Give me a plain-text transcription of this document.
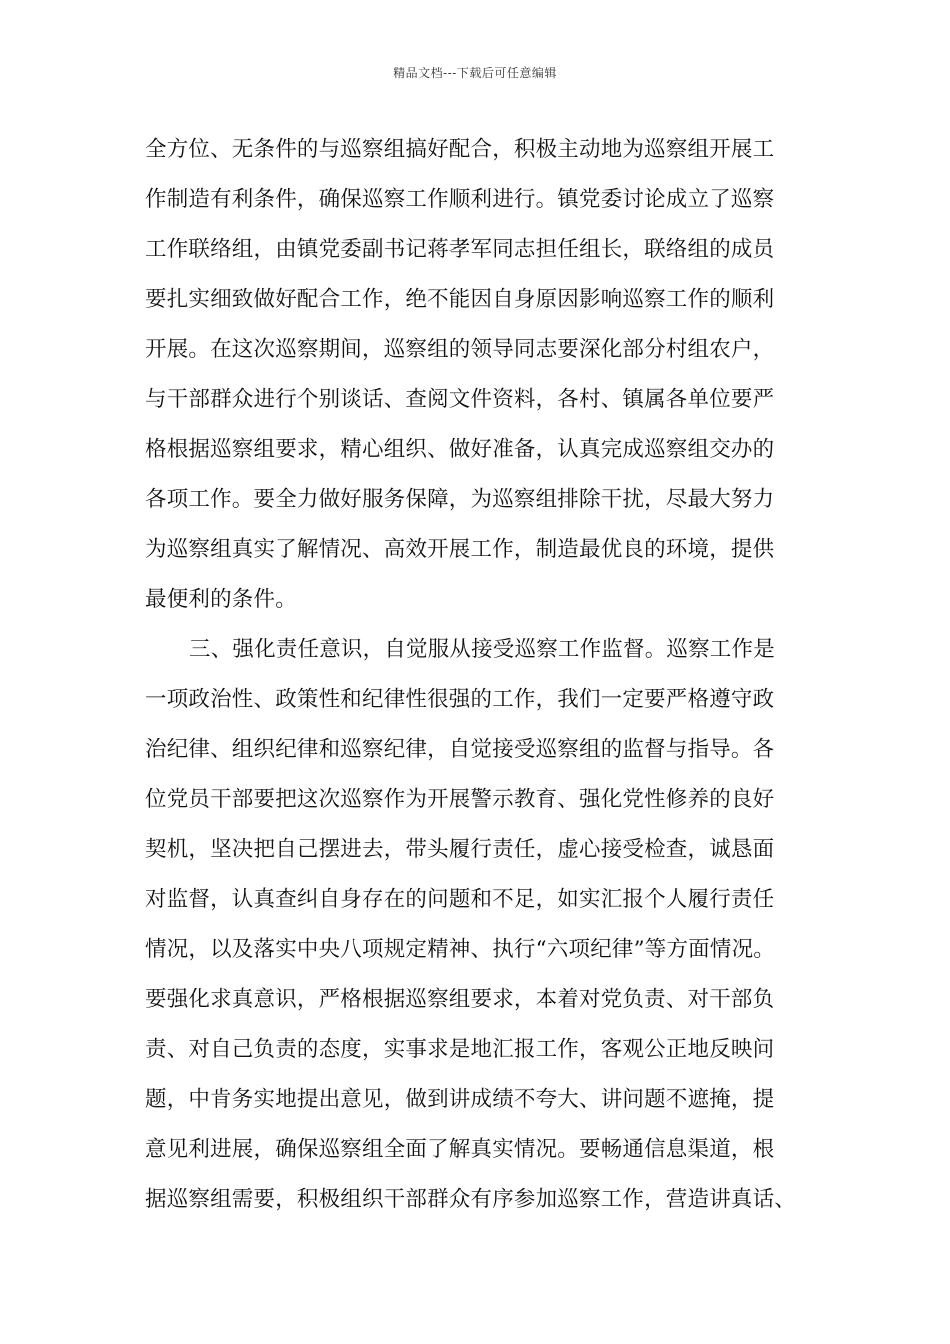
精品文档---下载后可任意编辑
全方位、无条件的与巡察组搞好配合，积极主动地为巡察组开展工
作制造有利条件，确保巡察工作顺利进行。镇党委讨论成立了巡察
工作联络组，由镇党委副书记蒋孝军同志担任组长，联络组的成员
要扎实细致做好配合工作，绝不能因自身原因影响巡察工作的顺利
开展。在这次巡察期间，巡察组的领导同志要深化部分村组农户，
与干部群众进行个别谈话、查阅文件资料，各村、镇属各单位要严
格根据巡察组要求，精心组织、做好准备，认真完成巡察组交办的
各项工作。要全力做好服务保障，为巡察组排除干扰，尽最大努力
为巡察组真实了解情况、高效开展工作，制造最优良的环境，提供
最便利的条件。
三、强化责任意识，自觉服从接受巡察工作监督。巡察工作是
一项政治性、政策性和纪律性很强的工作，我们一定要严格遵守政
治纪律、组织纪律和巡察纪律，自觉接受巡察组的监督与指导。各
位党员干部要把这次巡察作为开展警示教育、强化党性修养的良好
契机，坚决把自己摆进去，带头履行责任，虚心接受检查，诚恳面
对监督，认真查纠自身存在的问题和不足，如实汇报个人履行责任
情况，以及落实中央八项规定精神、执行“六项纪律”等方面情况。
要强化求真意识，严格根据巡察组要求，本着对党负责、对干部负
责、对自己负责的态度，实事求是地汇报工作，客观公正地反映问
题，中肯务实地提出意见，做到讲成绩不夸大、讲问题不遮掩，提
意见利进展，确保巡察组全面了解真实情况。要畅通信息渠道，根
据巡察组需要，积极组织干部群众有序参加巡察工作，营造讲真话、
